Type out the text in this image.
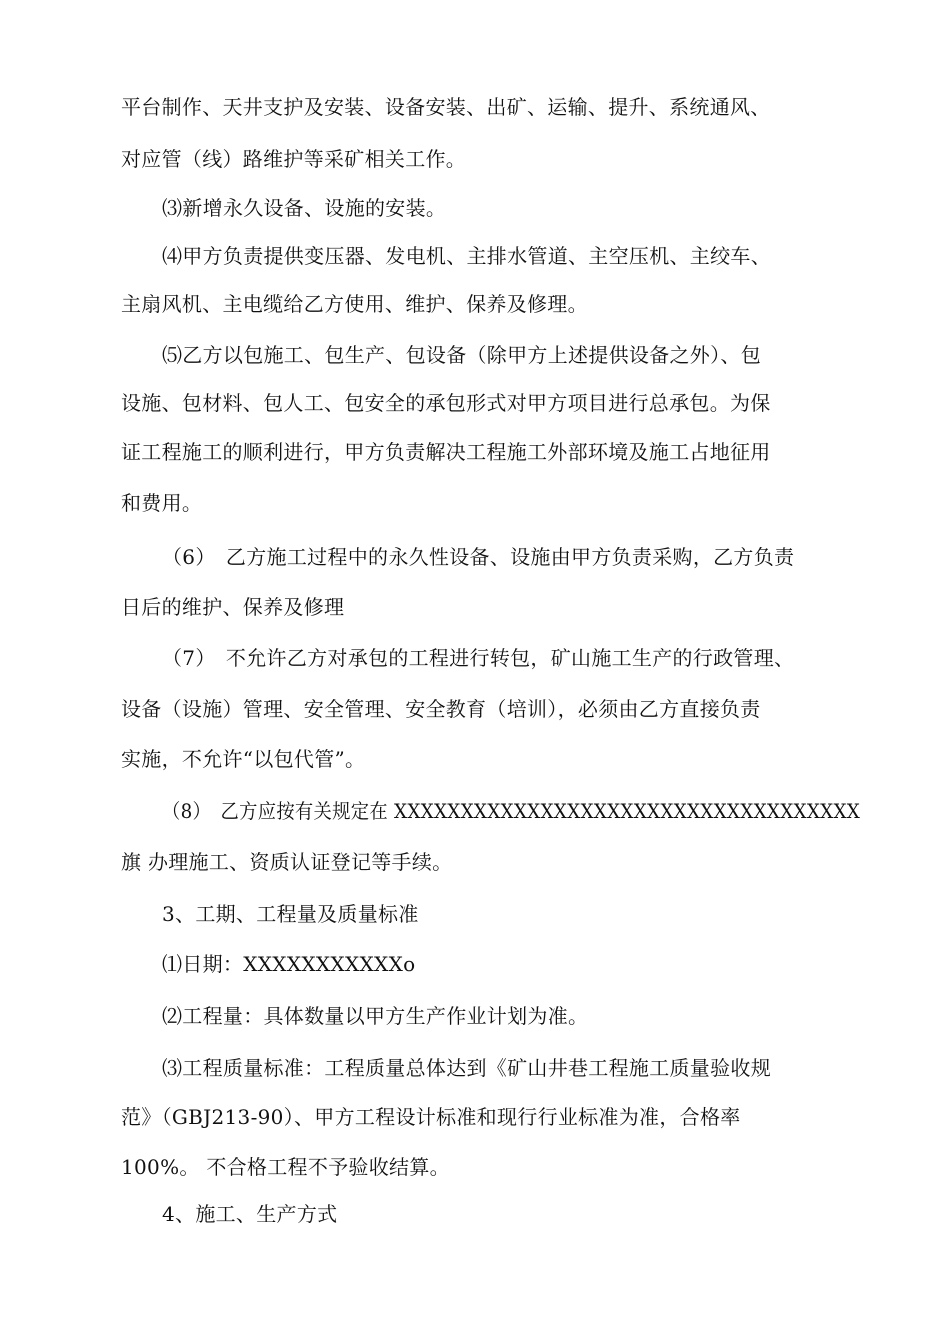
平台制作、天井支护及安装、设备安装、出矿、运输、提升、系统通风、
对应管（线）路维护等采矿相关工作。
⑶新增永久设备、设施的安装。
⑷甲方负责提供变压器、发电机、主排水管道、主空压机、主绞车、
主扇风机、主电缆给乙方使用、维护、保养及修理。
⑸乙方以包施工、包生产、包设备（除甲方上述提供设备之外）、包
设施、包材料、包人工、包安全的承包形式对甲方项目进行总承包。为保
证工程施工的顺利进行，甲方负责解决工程施工外部环境及施工占地征用
和费用。
（6）　乙方施工过程中的永久性设备、设施由甲方负责采购，乙方负责
日后的维护、保养及修理
（7）　不允许乙方对承包的工程进行转包，矿山施工生产的行政管理、
设备（设施）管理、安全管理、安全教育（培训），必须由乙方直接负责
实施，不允许“以包代管”。
（8）　乙方应按有关规定在 XXXXXXXXXXXXXXXXXXXXXXXXXXXXXXXXXXX
旗 办理施工、资质认证登记等手续。
3、工期、工程量及质量标准
⑴日期：XXXXXXXXXXXo
⑵工程量：具体数量以甲方生产作业计划为准。
⑶工程质量标准：工程质量总体达到《矿山井巷工程施工质量验收规
范》（GBJ213-90）、甲方工程设计标准和现行行业标准为准，合格率
100%。 不合格工程不予验收结算。
4、施工、生产方式
